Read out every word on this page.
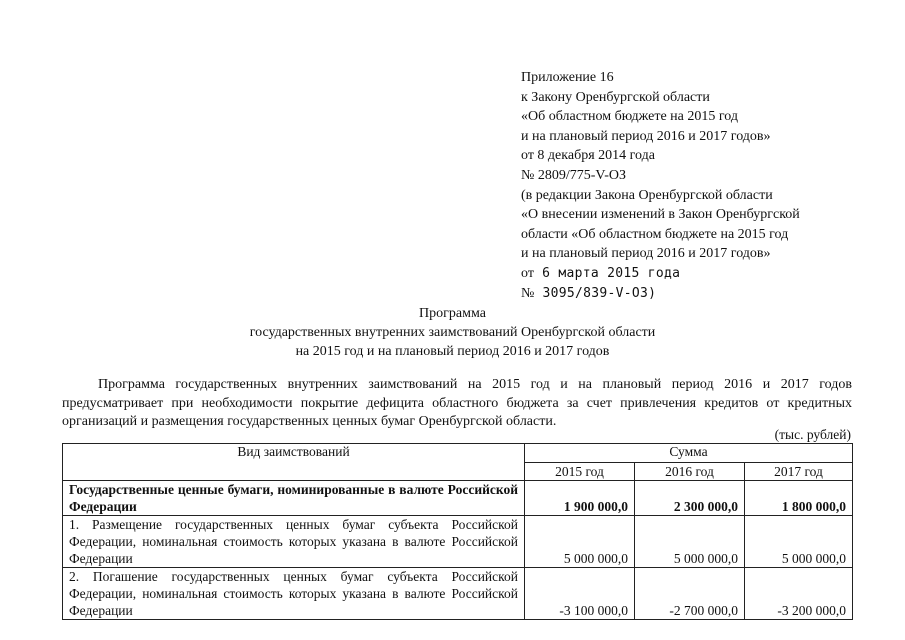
Приложение 16
к Закону Оренбургской области
«Об областном бюджете на 2015 год
и на плановый период 2016 и 2017 годов»
от 8 декабря 2014 года
№ 2809/775-V-ОЗ
(в редакции Закона Оренбургской области
«О внесении изменений в Закон Оренбургской
области «Об областном бюджете на 2015 год
и на плановый период 2016 и 2017 годов»
от 6 марта 2015 года
№ 3095/839-V-ОЗ)
Программа
государственных внутренних заимствований Оренбургской области
на 2015 год и на плановый период 2016 и 2017 годов

Программа государственных внутренних заимствований на 2015 год и на плановый период 2016 и 2017 годов предусматривает при необходимости покрытие дефицита областного бюджета за счет привлечения кредитов от кредитных организаций и размещения государственных ценных бумаг Оренбургской области.

(тыс. рублей)
Вид заимствований	Сумма		
	2015 год	2016 год	2017 год
Государственные ценные бумаги, номинированные в валюте Российской Федерации	1 900 000,0	2 300 000,0	1 800 000,0
1. Размещение государственных ценных бумаг субъекта Российской Федерации, номинальная стоимость которых указана в валюте Российской Федерации	5 000 000,0	5 000 000,0	5 000 000,0
2. Погашение государственных ценных бумаг субъекта Российской Федерации, номинальная стоимость которых указана в валюте Российской Федерации	-3 100 000,0	-2 700 000,0	-3 200 000,0
